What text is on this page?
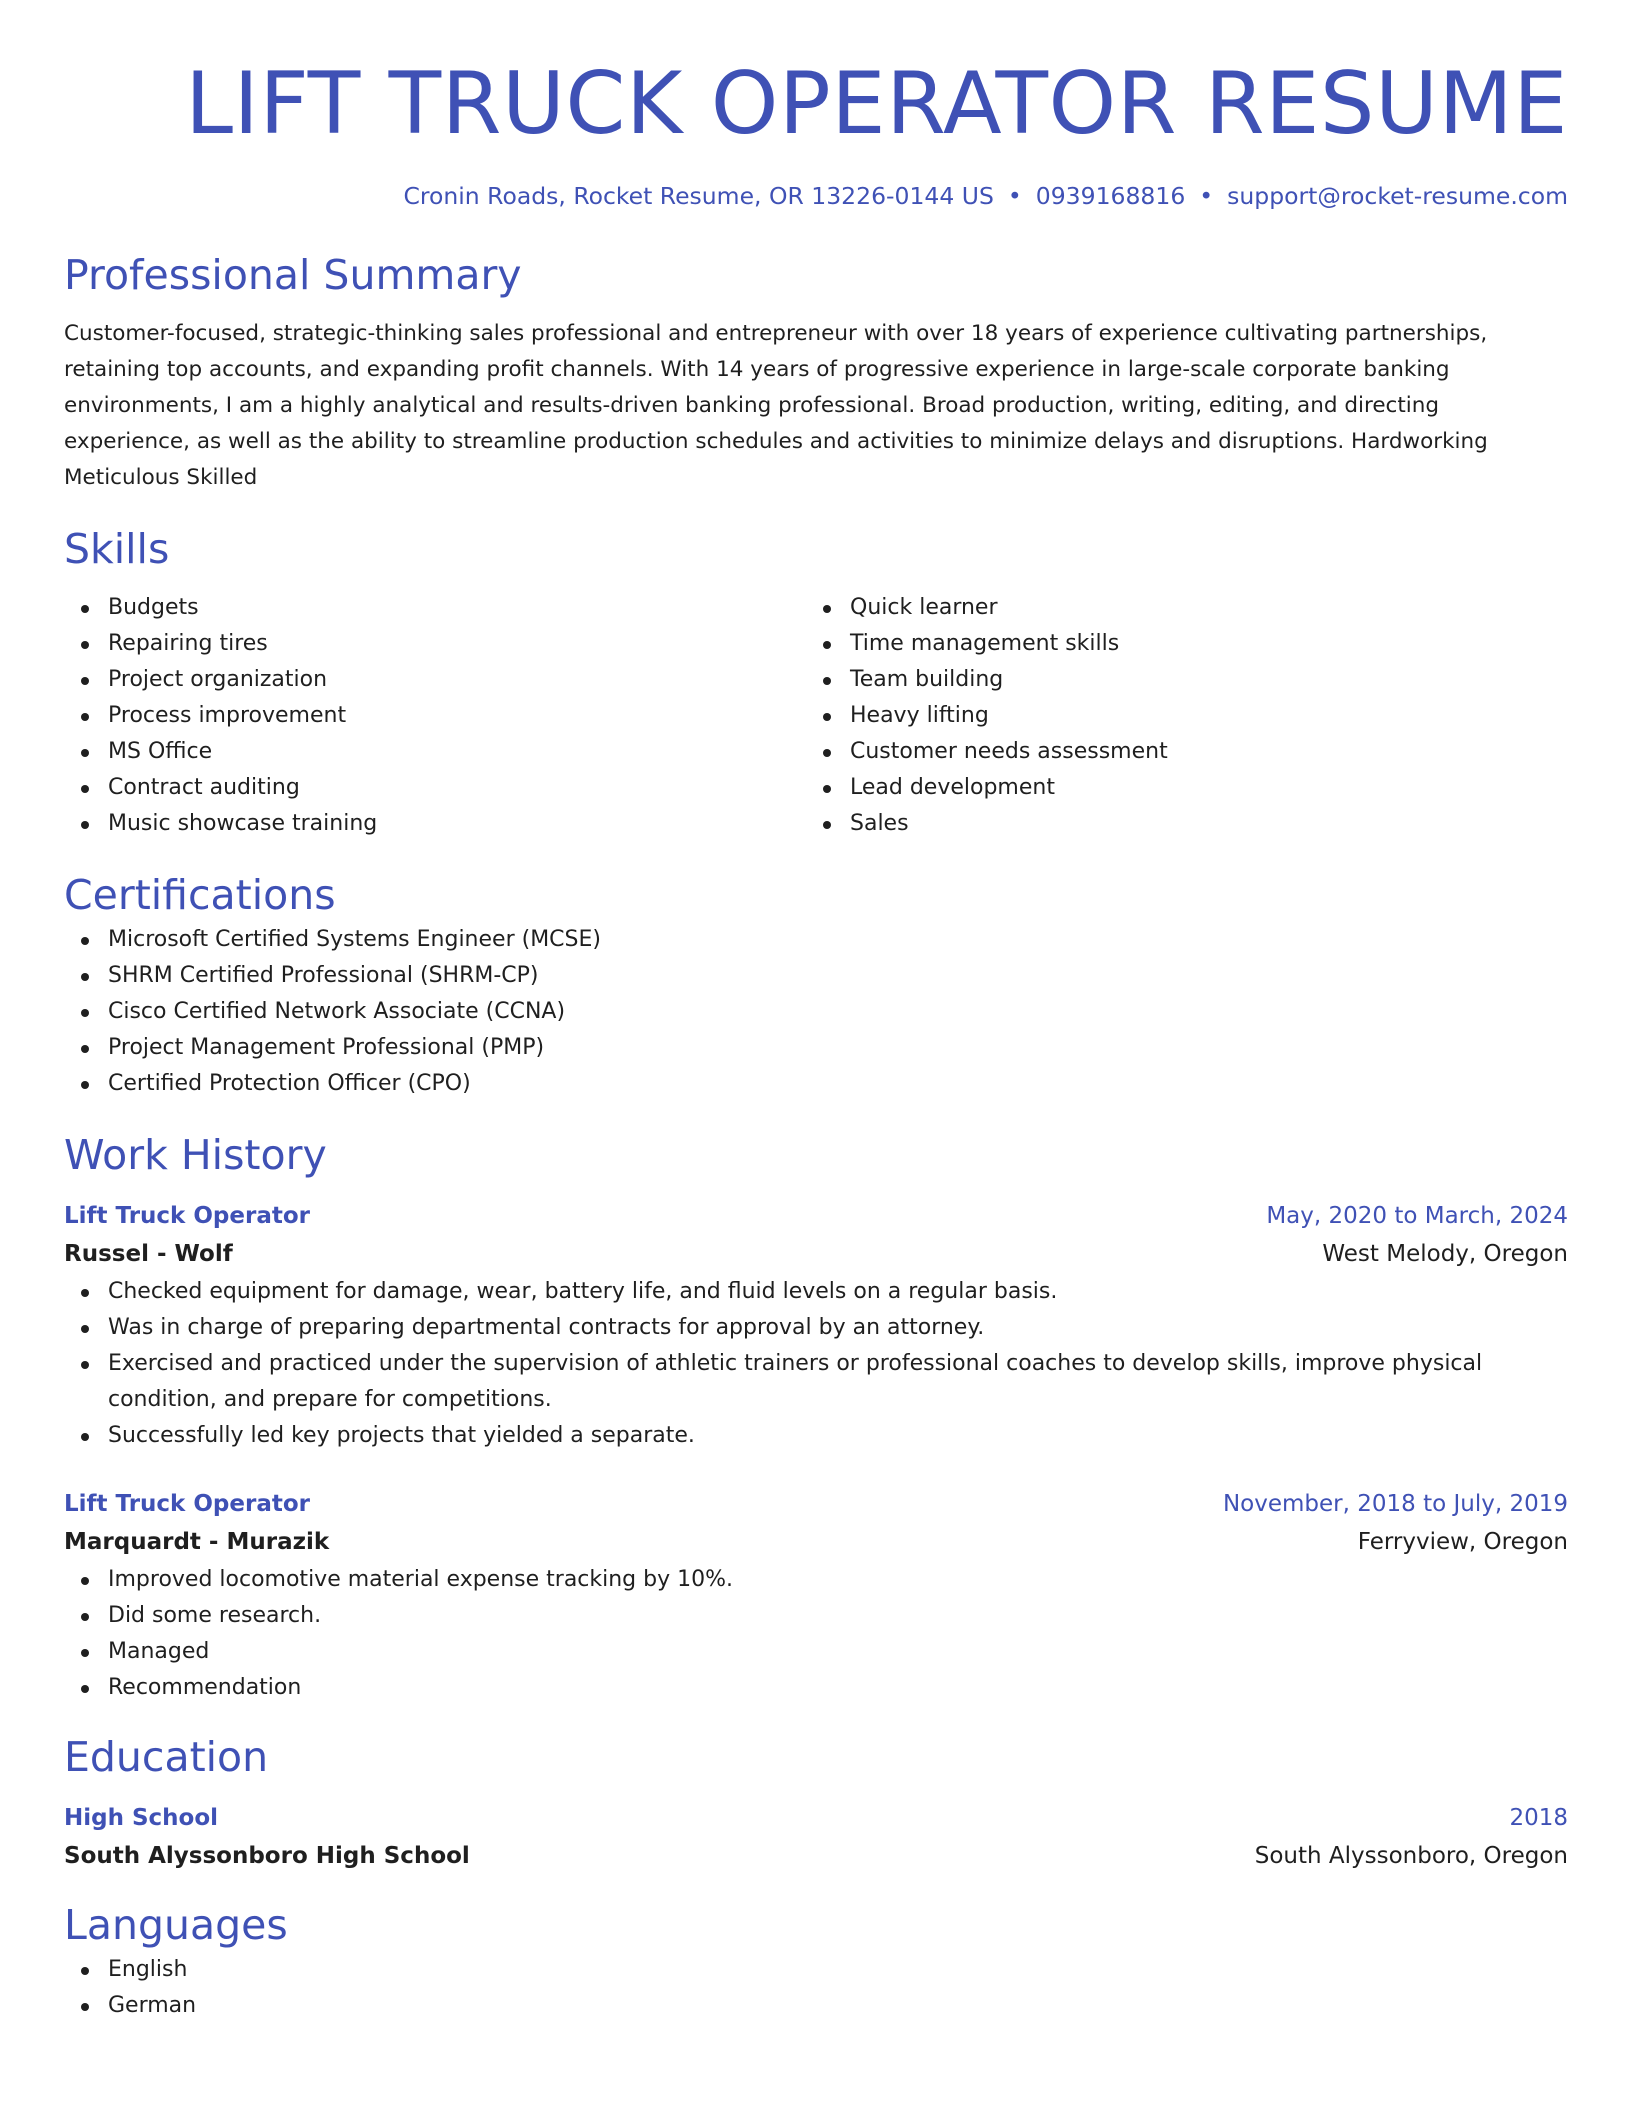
LIFT TRUCK OPERATOR RESUME
Cronin Roads, Rocket Resume, OR 13226-0144 US • 0939168816 • support@rocket-resume.com
Professional Summary
Customer-focused, strategic-thinking sales professional and entrepreneur with over 18 years of experience cultivating partnerships, retaining top accounts, and expanding profit channels. With 14 years of progressive experience in large-scale corporate banking environments, I am a highly analytical and results-driven banking professional. Broad production, writing, editing, and directing experience, as well as the ability to streamline production schedules and activities to minimize delays and disruptions. Hardworking Meticulous Skilled
Skills
Budgets
Repairing tires
Project organization
Process improvement
MS Office
Contract auditing
Music showcase training
Quick learner
Time management skills
Team building
Heavy lifting
Customer needs assessment
Lead development
Sales
Certifications
Microsoft Certified Systems Engineer (MCSE)
SHRM Certified Professional (SHRM-CP)
Cisco Certified Network Associate (CCNA)
Project Management Professional (PMP)
Certified Protection Officer (CPO)
Work History
Lift Truck Operator	May, 2020 to March, 2024
Russel - Wolf	West Melody, Oregon
Checked equipment for damage, wear, battery life, and fluid levels on a regular basis.
Was in charge of preparing departmental contracts for approval by an attorney.
Exercised and practiced under the supervision of athletic trainers or professional coaches to develop skills, improve physical condition, and prepare for competitions.
Successfully led key projects that yielded a separate.
Lift Truck Operator	November, 2018 to July, 2019
Marquardt - Murazik	Ferryview, Oregon
Improved locomotive material expense tracking by 10%.
Did some research.
Managed
Recommendation
Education
High School	2018
South Alyssonboro High School	South Alyssonboro, Oregon
Languages
English
German
